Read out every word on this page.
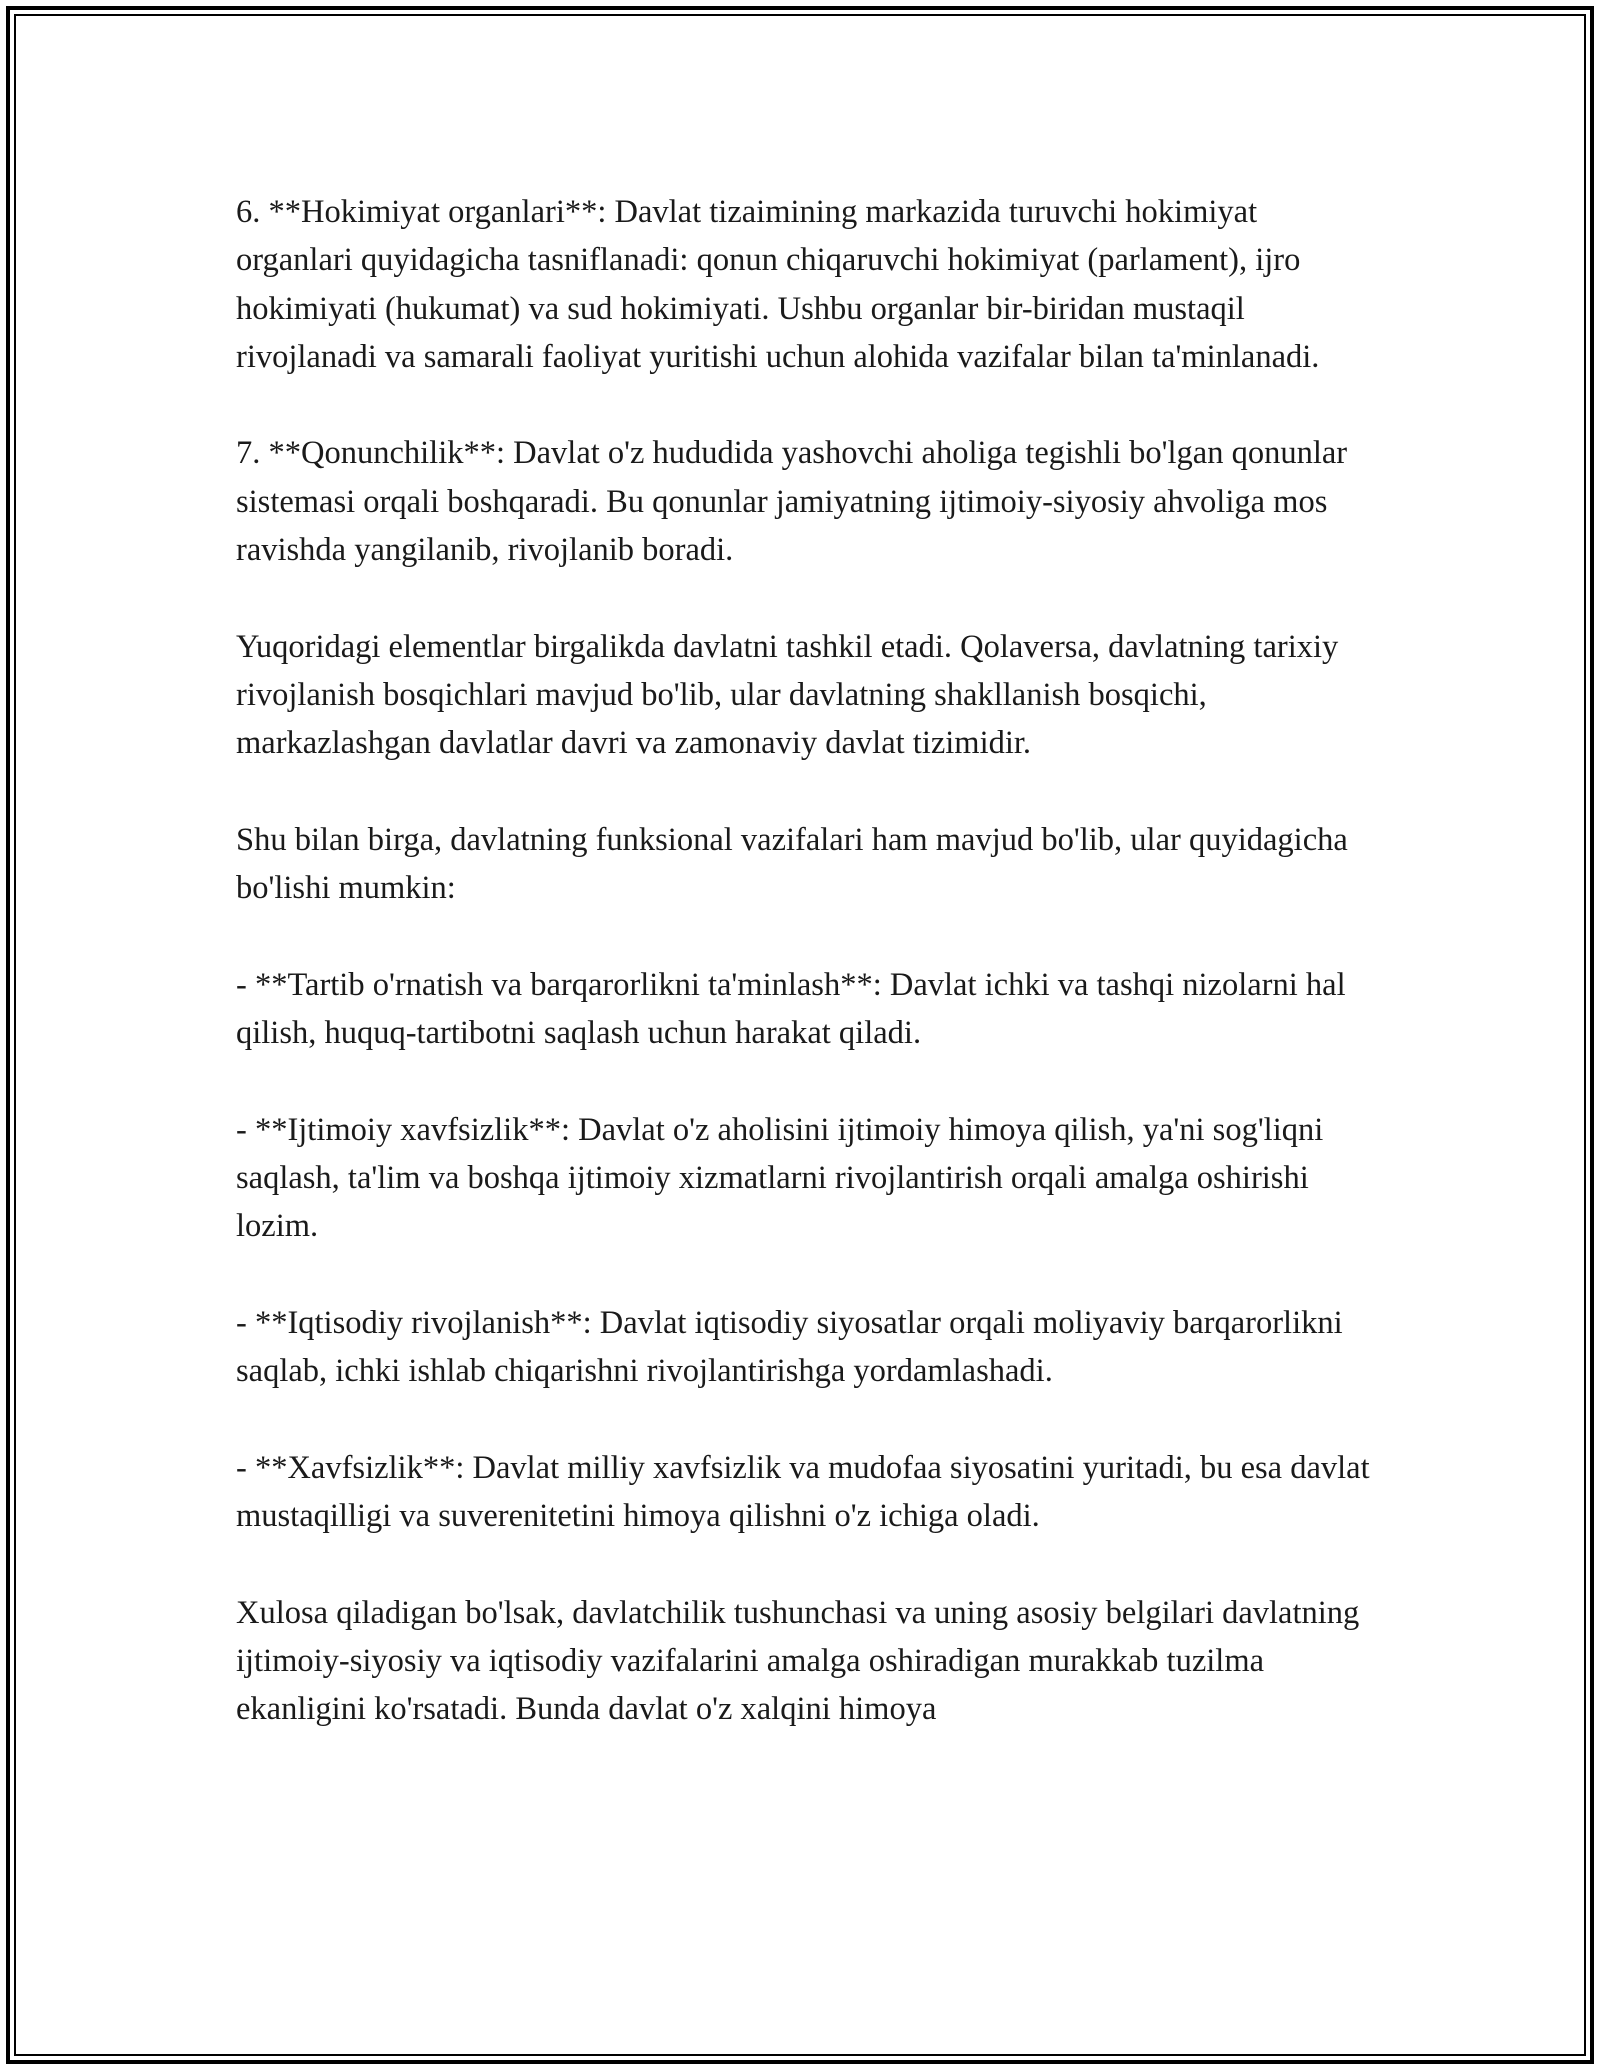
6. **Hokimiyat organlari**: Davlat tizaimining markazida turuvchi hokimiyat organlari quyidagicha tasniflanadi: qonun chiqaruvchi hokimiyat (parlament), ijro hokimiyati (hukumat) va sud hokimiyati. Ushbu organlar bir-biridan mustaqil rivojlanadi va samarali faoliyat yuritishi uchun alohida vazifalar bilan ta'minlanadi.

7. **Qonunchilik**: Davlat o'z hududida yashovchi aholiga tegishli bo'lgan qonunlar sistemasi orqali boshqaradi. Bu qonunlar jamiyatning ijtimoiy-siyosiy ahvoliga mos ravishda yangilanib, rivojlanib boradi.

Yuqoridagi elementlar birgalikda davlatni tashkil etadi. Qolaversa, davlatning tarixiy rivojlanish bosqichlari mavjud bo'lib, ular davlatning shakllanish bosqichi, markazlashgan davlatlar davri va zamonaviy davlat tizimidir.

Shu bilan birga, davlatning funksional vazifalari ham mavjud bo'lib, ular quyidagicha bo'lishi mumkin:

- **Tartib o'rnatish va barqarorlikni ta'minlash**: Davlat ichki va tashqi nizolarni hal qilish, huquq-tartibotni saqlash uchun harakat qiladi.

- **Ijtimoiy xavfsizlik**: Davlat o'z aholisini ijtimoiy himoya qilish, ya'ni sog'liqni saqlash, ta'lim va boshqa ijtimoiy xizmatlarni rivojlantirish orqali amalga oshirishi lozim.

- **Iqtisodiy rivojlanish**: Davlat iqtisodiy siyosatlar orqali moliyaviy barqarorlikni saqlab, ichki ishlab chiqarishni rivojlantirishga yordamlashadi.

- **Xavfsizlik**: Davlat milliy xavfsizlik va mudofaa siyosatini yuritadi, bu esa davlat mustaqilligi va suverenitetini himoya qilishni o'z ichiga oladi.

Xulosa qiladigan bo'lsak, davlatchilik tushunchasi va uning asosiy belgilari davlatning ijtimoiy-siyosiy va iqtisodiy vazifalarini amalga oshiradigan murakkab tuzilma ekanligini ko'rsatadi. Bunda davlat o'z xalqini himoya
